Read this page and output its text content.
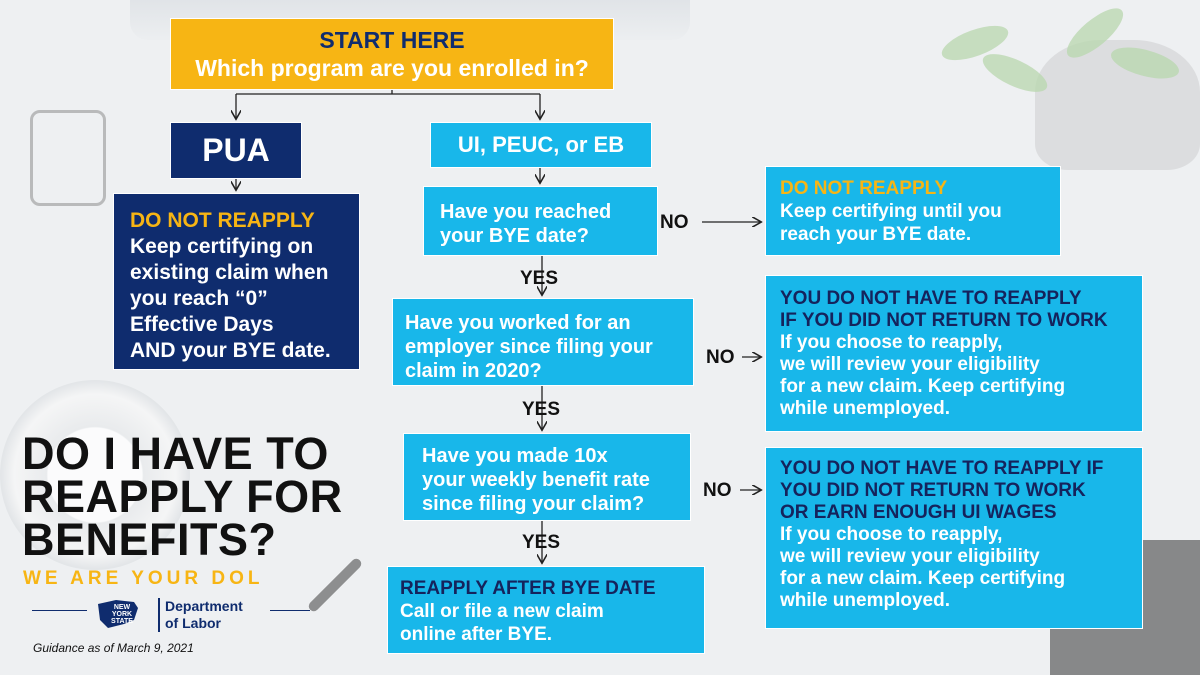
START HERE
Which program are you enrolled in?
PUA
DO NOT REAPPLY
Keep certifying on
existing claim when
you reach “0”
Effective Days
AND your BYE date.
UI, PEUC, or EB
Have you reached
your BYE date?
NO
YES
Have you worked for an
employer since filing your
claim in 2020?
NO
YES
Have you made 10x
your weekly benefit rate
since filing your claim?
NO
YES
REAPPLY AFTER BYE DATE
Call or file a new claim
online after BYE.
DO NOT REAPPLY
Keep certifying until you
reach your BYE date.
YOU DO NOT HAVE TO REAPPLY
IF YOU DID NOT RETURN TO WORK
If you choose to reapply,
we will review your eligibility
for a new claim. Keep certifying
while unemployed.
YOU DO NOT HAVE TO REAPPLY IF
YOU DID NOT RETURN TO WORK
OR EARN ENOUGH UI WAGES
If you choose to reapply,
we will review your eligibility
for a new claim. Keep certifying
while unemployed.
DO I HAVE TO
REAPPLY FOR
BENEFITS?
WE ARE YOUR DOL
NEW
YORK
STATE
Department
of Labor
Guidance as of March 9, 2021
